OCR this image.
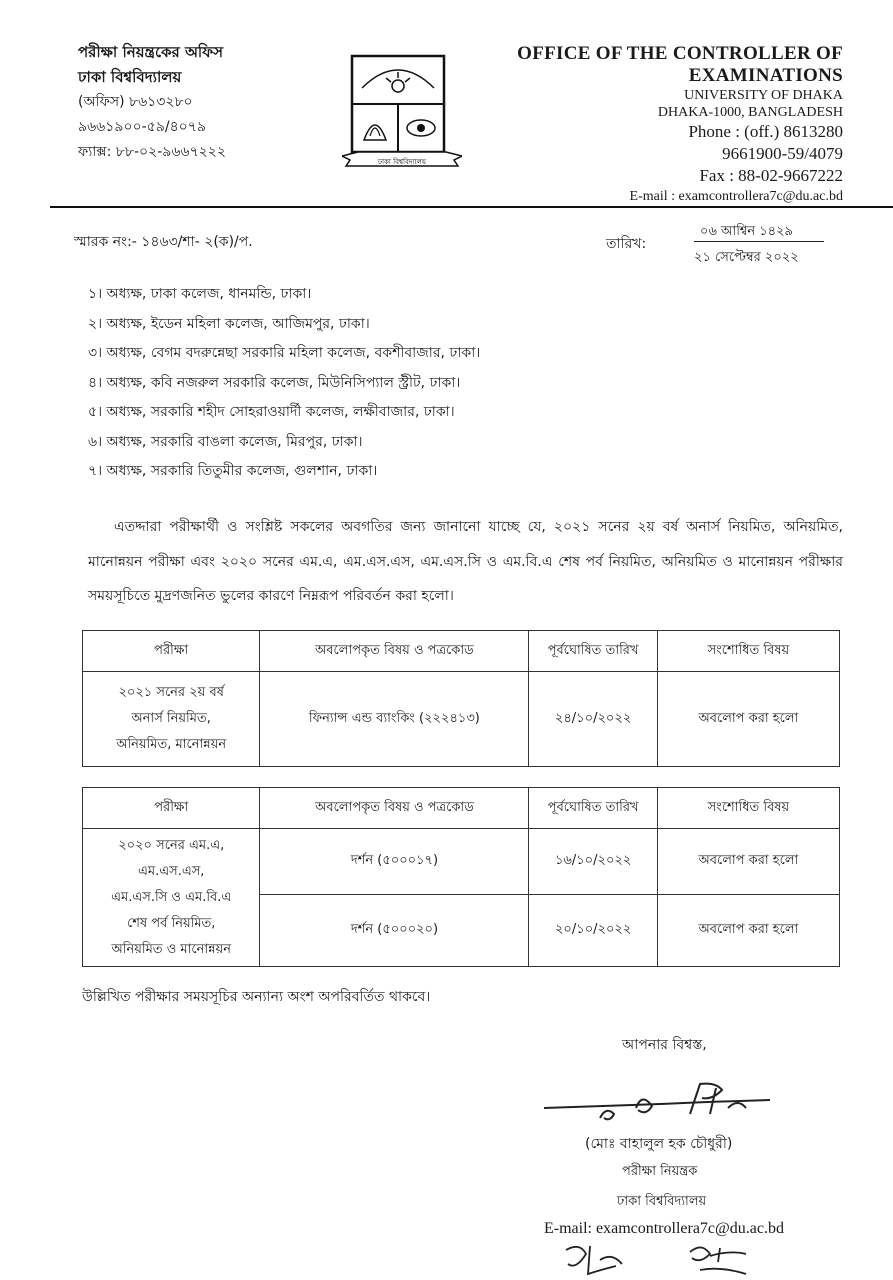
পরীক্ষা নিয়ন্ত্রকের অফিস
ঢাকা বিশ্ববিদ্যালয়
(অফিস) ৮৬১৩২৮০
৯৬৬১৯০০-৫৯/৪০৭৯
ফ্যাক্স: ৮৮-০২-৯৬৬৭২২২
ঢাকা বিশ্ববিদ্যালয়
OFFICE OF THE CONTROLLER OF
EXAMINATIONS
UNIVERSITY OF DHAKA
DHAKA-1000, BANGLADESH
Phone : (off.) 8613280
9661900-59/4079
Fax : 88-02-9667222
E-mail : examcontrollera7c@du.ac.bd
স্মারক নং:- ১৪৬৩/শা- ২(ক)/প.	তারিখ:
০৬ আশ্বিন ১৪২৯
২১ সেপ্টেম্বর ২০২২
১। অধ্যক্ষ, ঢাকা কলেজ, ধানমন্ডি, ঢাকা।
২। অধ্যক্ষ, ইডেন মহিলা কলেজ, আজিমপুর, ঢাকা।
৩। অধ্যক্ষ, বেগম বদরুন্নেছা সরকারি মহিলা কলেজ, বকশীবাজার, ঢাকা।
৪। অধ্যক্ষ, কবি নজরুল সরকারি কলেজ, মিউনিসিপ্যাল স্ট্রীট, ঢাকা।
৫। অধ্যক্ষ, সরকারি শহীদ সোহরাওয়ার্দী কলেজ, লক্ষীবাজার, ঢাকা।
৬। অধ্যক্ষ, সরকারি বাঙলা কলেজ, মিরপুর, ঢাকা।
৭। অধ্যক্ষ, সরকারি তিতুমীর কলেজ, গুলশান, ঢাকা।
এতদ্দারা পরীক্ষার্থী ও সংশ্লিষ্ট সকলের অবগতির জন্য জানানো যাচ্ছে যে, ২০২১ সনের ২য় বর্ষ অনার্স নিয়মিত, অনিয়মিত, মানোন্নয়ন পরীক্ষা এবং ২০২০ সনের এম.এ, এম.এস.এস, এম.এস.সি ও এম.বি.এ শেষ পর্ব নিয়মিত, অনিয়মিত ও মানোন্নয়ন পরীক্ষার সময়সূচিতে মুদ্রণজনিত ভুলের কারণে নিম্নরূপ পরিবর্তন করা হলো।
পরীক্ষা	অবলোপকৃত বিষয় ও পত্রকোড	পূর্বঘোষিত তারিখ	সংশোধিত বিষয়

২০২১ সনের ২য় বর্ষ
অনার্স নিয়মিত,
অনিয়মিত, মানোন্নয়ন	ফিন্যান্স এন্ড ব্যাংকিং (২২২৪১৩)	২৪/১০/২০২২	অবলোপ করা হলো
পরীক্ষা	অবলোপকৃত বিষয় ও পত্রকোড	পূর্বঘোষিত তারিখ	সংশোধিত বিষয়

২০২০ সনের এম.এ,
এম.এস.এস,
এম.এস.সি ও এম.বি.এ
শেষ পর্ব নিয়মিত,
অনিয়মিত ও মানোন্নয়ন	দর্শন (৫০০০১৭)	১৬/১০/২০২২	অবলোপ করা হলো
	দর্শন (৫০০০২০)	২০/১০/২০২২	অবলোপ করা হলো
উল্লিখিত পরীক্ষার সময়সূচির অন্যান্য অংশ অপরিবর্তিত থাকবে।
আপনার বিশ্বস্ত,
(মোঃ বাহালুল হক চৌধুরী)
পরীক্ষা নিয়ন্ত্রক
ঢাকা বিশ্ববিদ্যালয়
E-mail: examcontrollera7c@du.ac.bd
